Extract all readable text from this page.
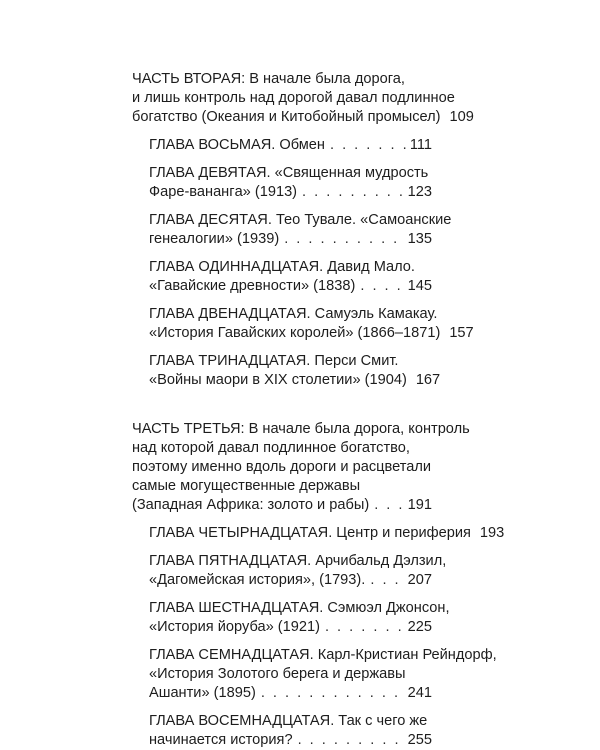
ЧАСТЬ ВТОРАЯ: В начале была дорога,
и лишь контроль над дорогой давал подлинное
богатство (Океания и Китобойный промысел) 109
ГЛАВА ВОСЬМАЯ. Обмен . . .	111
ГЛАВА ДЕВЯТАЯ. «Священная мудрость
Фаре-ванангa» (1913) . . .	123
ГЛАВА ДЕСЯТАЯ. Тео Тувале. «Самоанские
генеалогии» (1939) . . .	135
ГЛАВА ОДИННАДЦАТАЯ. Давид Мало.
«Гавайские древности» (1838) . . .	145
ГЛАВА ДВЕНАДЦАТАЯ. Самуэль Камакау.
«История Гавайских королей» (1866–1871) 157
ГЛАВА ТРИНАДЦАТАЯ. Перси Смит.
«Войны маори в XIX столетии» (1904) 167
ЧАСТЬ ТРЕТЬЯ: В начале была дорога, контроль
над которой давал подлинное богатство,
поэтому именно вдоль дороги и расцветали
самые могущественные державы
(Западная Африка: золото и рабы) . . .	191
ГЛАВА ЧЕТЫРНАДЦАТАЯ. Центр и периферия 193
ГЛАВА ПЯТНАДЦАТАЯ. Арчибальд Дэлзил,
«Дагомейская история», (1793). . . .	207
ГЛАВА ШЕСТНАДЦАТАЯ. Сэмюэл Джонсон,
«История йоруба» (1921) . . .	225
ГЛАВА СЕМНАДЦАТАЯ. Карл-Кристиан Рейндорф,
«История Золотого берега и державы
Ашанти» (1895) . . .	241
ГЛАВА ВОСЕМНАДЦАТАЯ. Так с чего же
начинается история? . . .	255
